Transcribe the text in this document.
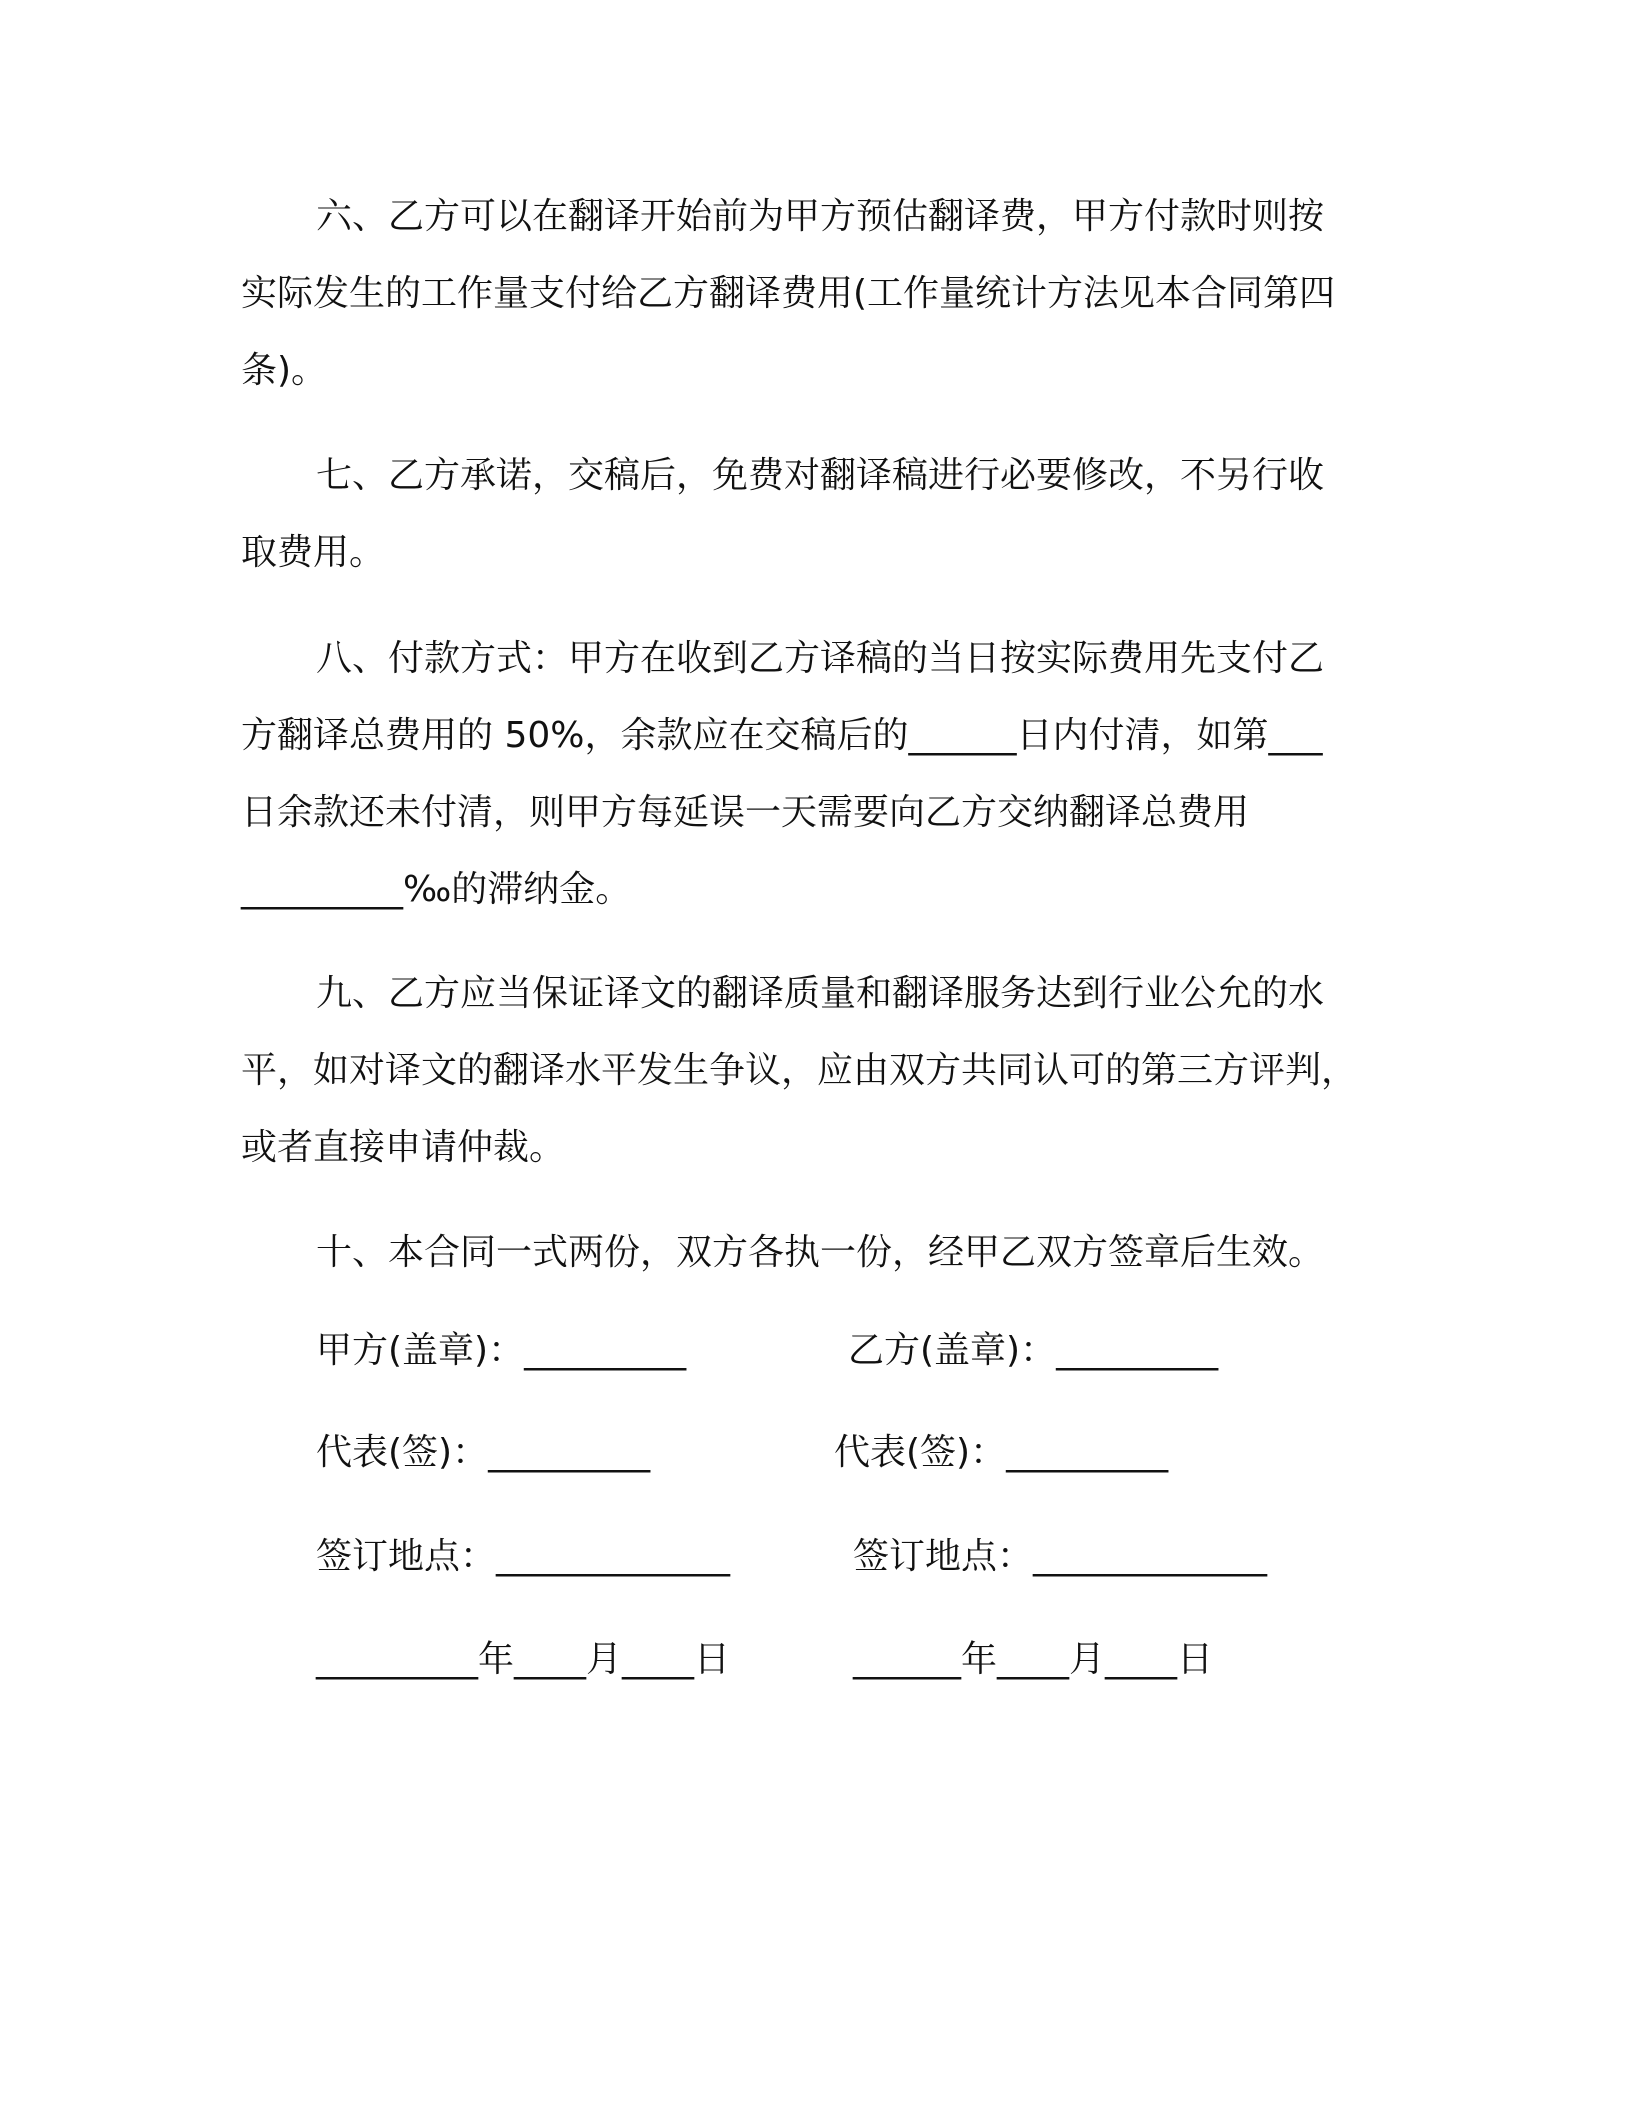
六、乙方可以在翻译开始前为甲方预估翻译费，甲方付款时则按
实际发生的工作量支付给乙方翻译费用(工作量统计方法见本合同第四
条)。
七、乙方承诺，交稿后，免费对翻译稿进行必要修改，不另行收
取费用。
八、付款方式：甲方在收到乙方译稿的当日按实际费用先支付乙
方翻译总费用的 50%，余款应在交稿后的______日内付清，如第___
日余款还未付清，则甲方每延误一天需要向乙方交纳翻译总费用
_________‰的滞纳金。
九、乙方应当保证译文的翻译质量和翻译服务达到行业公允的水
平，如对译文的翻译水平发生争议，应由双方共同认可的第三方评判，
或者直接申请仲裁。
十、本合同一式两份，双方各执一份，经甲乙双方签章后生效。
甲方(盖章)：_________
代表(签)：_________
签订地点：_____________
_________年____月____日
乙方(盖章)：_________
代表(签)：_________
签订地点：_____________
______年____月____日
